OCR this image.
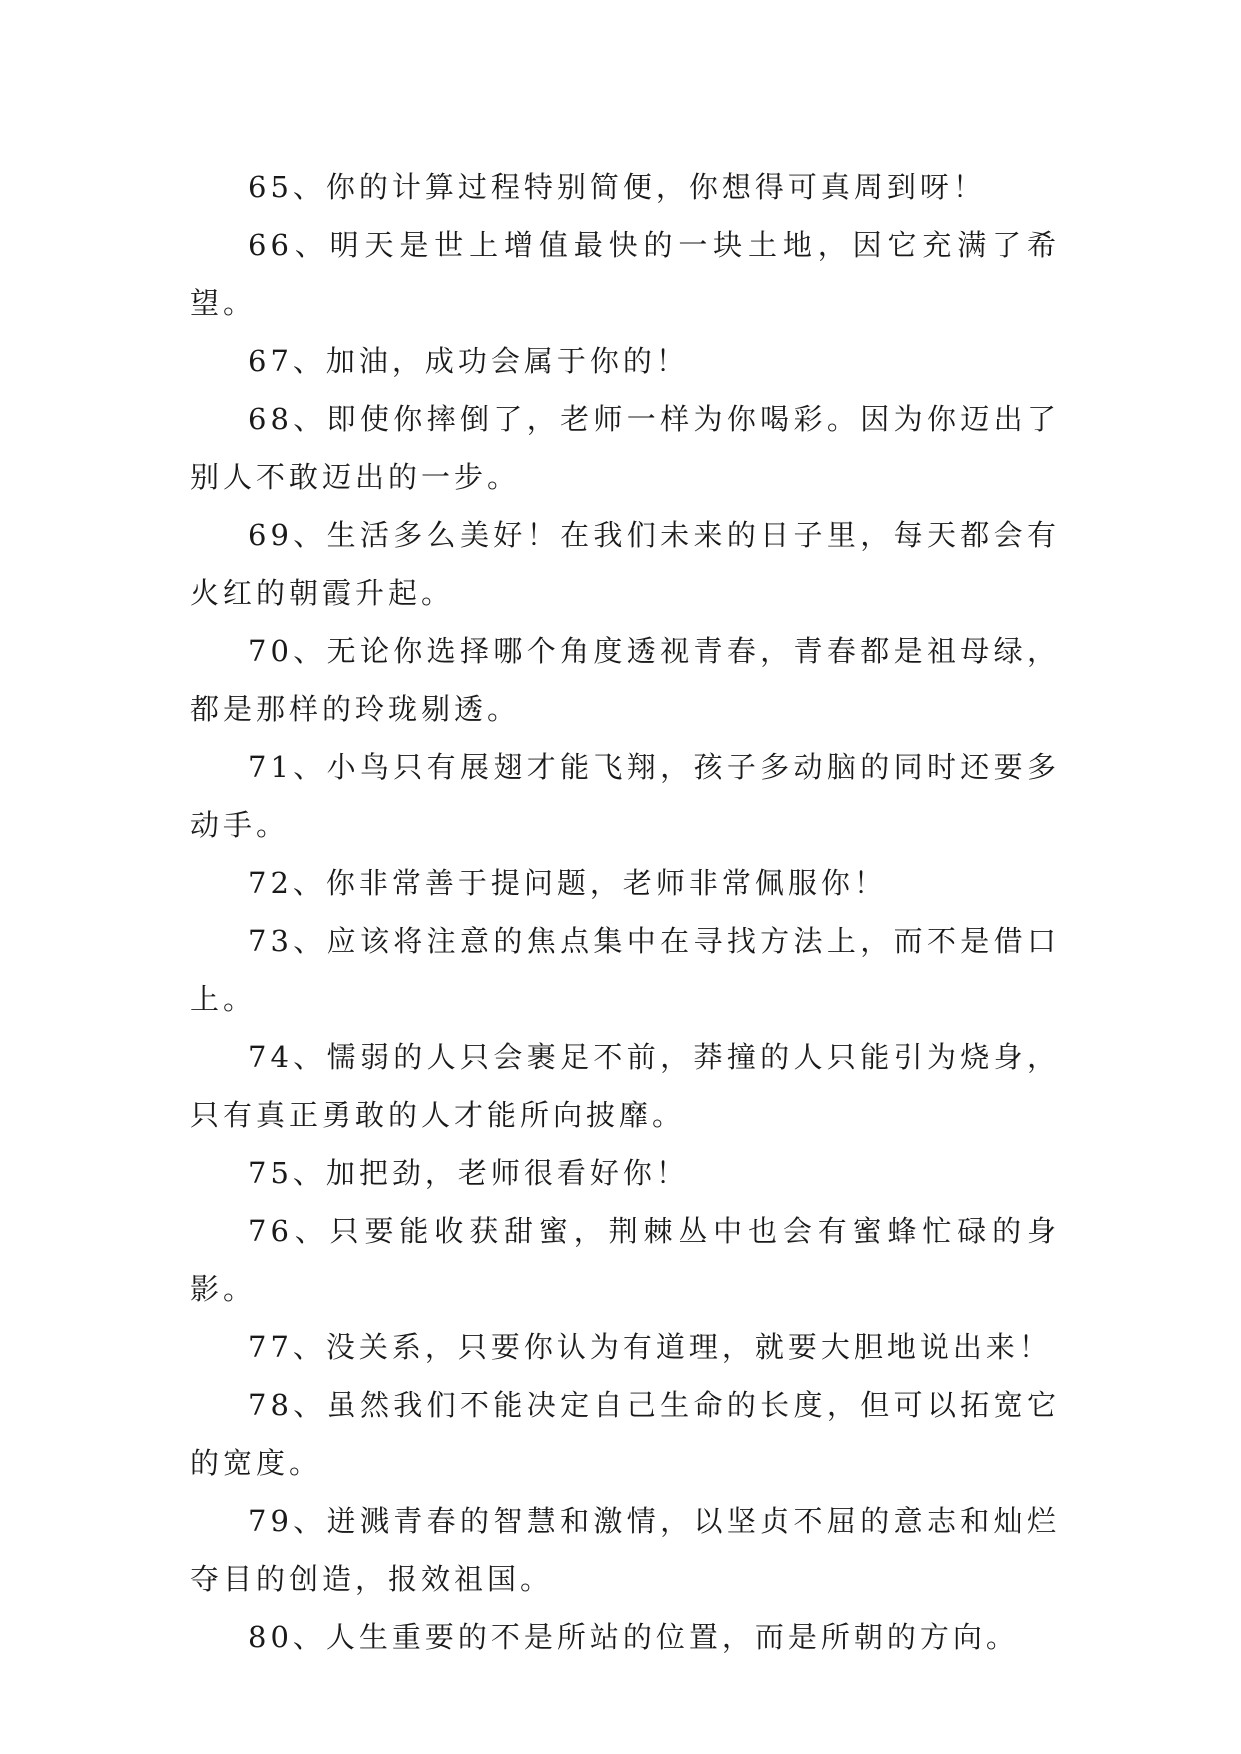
65、你的计算过程特别简便，你想得可真周到呀！

66、明天是世上增值最快的一块土地，因它充满了希望。

67、加油，成功会属于你的！

68、即使你摔倒了，老师一样为你喝彩。因为你迈出了别人不敢迈出的一步。

69、生活多么美好！在我们未来的日子里，每天都会有火红的朝霞升起。

70、无论你选择哪个角度透视青春，青春都是祖母绿，都是那样的玲珑剔透。

71、小鸟只有展翅才能飞翔，孩子多动脑的同时还要多动手。

72、你非常善于提问题，老师非常佩服你！

73、应该将注意的焦点集中在寻找方法上，而不是借口上。

74、懦弱的人只会裹足不前，莽撞的人只能引为烧身，只有真正勇敢的人才能所向披靡。

75、加把劲，老师很看好你！

76、只要能收获甜蜜，荆棘丛中也会有蜜蜂忙碌的身影。

77、没关系，只要你认为有道理，就要大胆地说出来！

78、虽然我们不能决定自己生命的长度，但可以拓宽它的宽度。

79、迸溅青春的智慧和激情，以坚贞不屈的意志和灿烂夺目的创造，报效祖国。

80、人生重要的不是所站的位置，而是所朝的方向。
